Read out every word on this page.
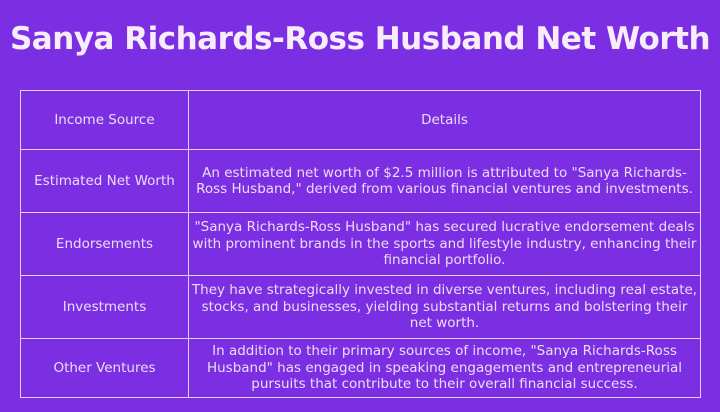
Sanya Richards-Ross Husband Net Worth
Income Source	Details
Estimated Net Worth	An estimated net worth of $2.5 million is attributed to "Sanya Richards-Ross Husband," derived from various financial ventures and investments.
Endorsements	"Sanya Richards-Ross Husband" has secured lucrative endorsement deals with prominent brands in the sports and lifestyle industry, enhancing their financial portfolio.
Investments	They have strategically invested in diverse ventures, including real estate, stocks, and businesses, yielding substantial returns and bolstering their net worth.
Other Ventures	In addition to their primary sources of income, "Sanya Richards-Ross Husband" has engaged in speaking engagements and entrepreneurial pursuits that contribute to their overall financial success.
